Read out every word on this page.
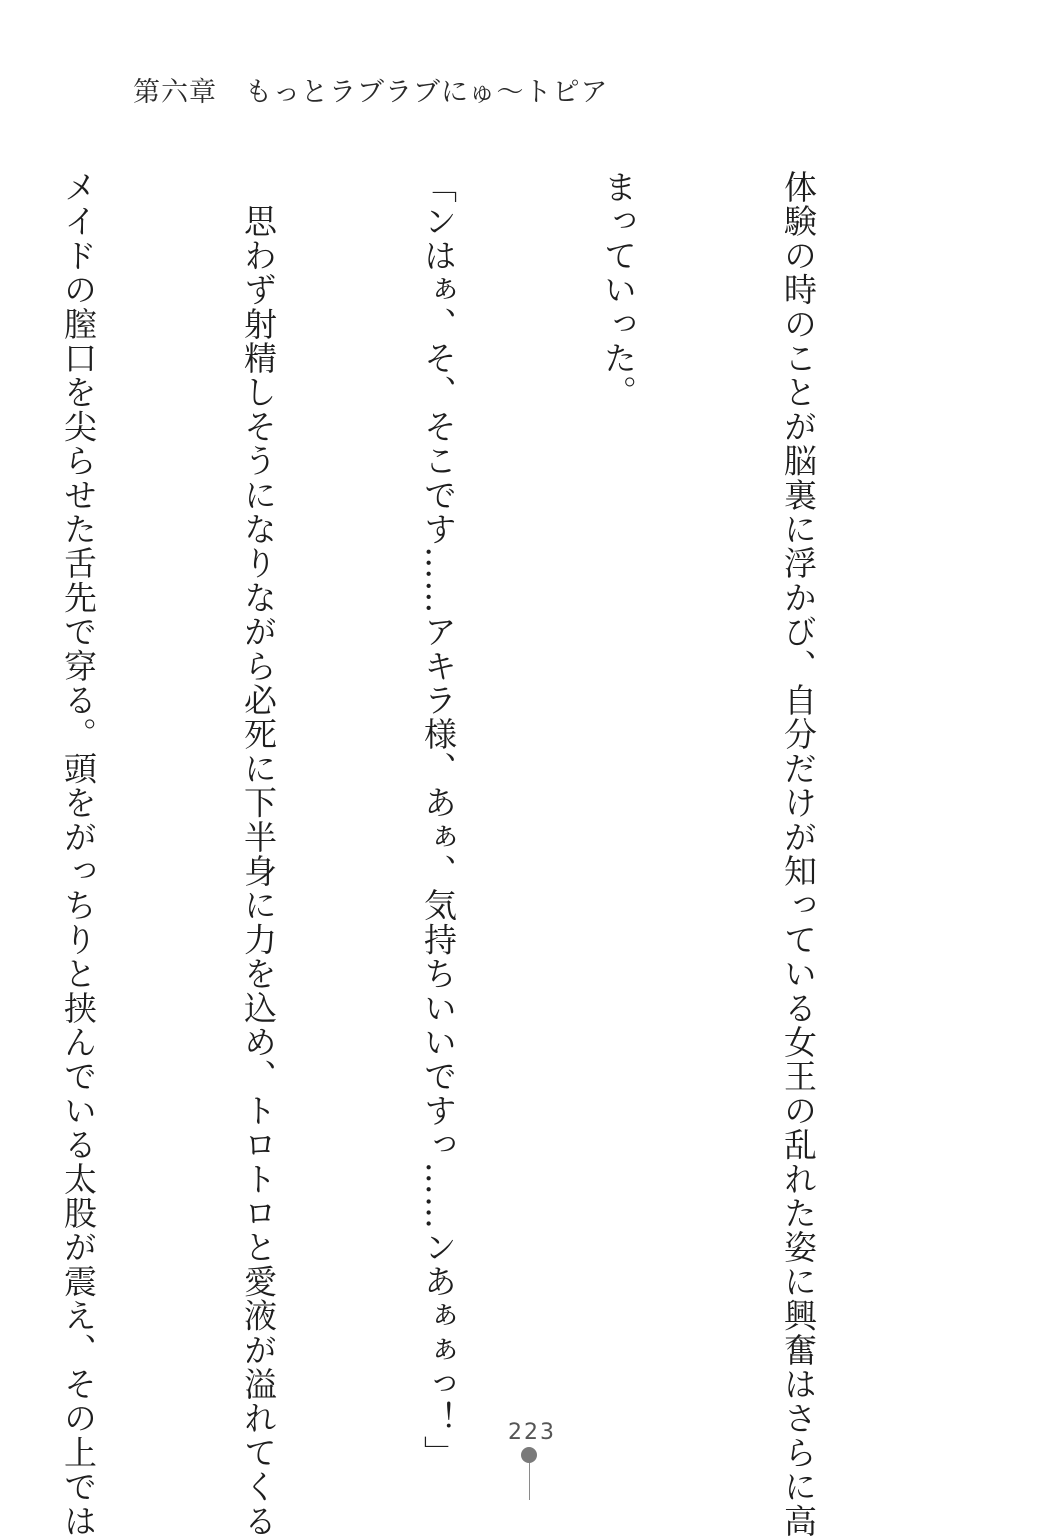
第六章　もっとラブラブにゅ～トピア

体験の時のことが脳裏に浮かび、自分だけが知っている女王の乱れた姿に興奮はさらに高

まっていった。

「ンはぁ、そ、そこです……アキラ様、あぁ、気持ちいいですっ……ンあぁぁっ！」

　思わず射精しそうになりながら必死に下半身に力を込め、トロトロと愛液が溢れてくる

メイドの膣口を尖らせた舌先で穿る。頭をがっちりと挟んでいる太股が震え、その上では

	223
